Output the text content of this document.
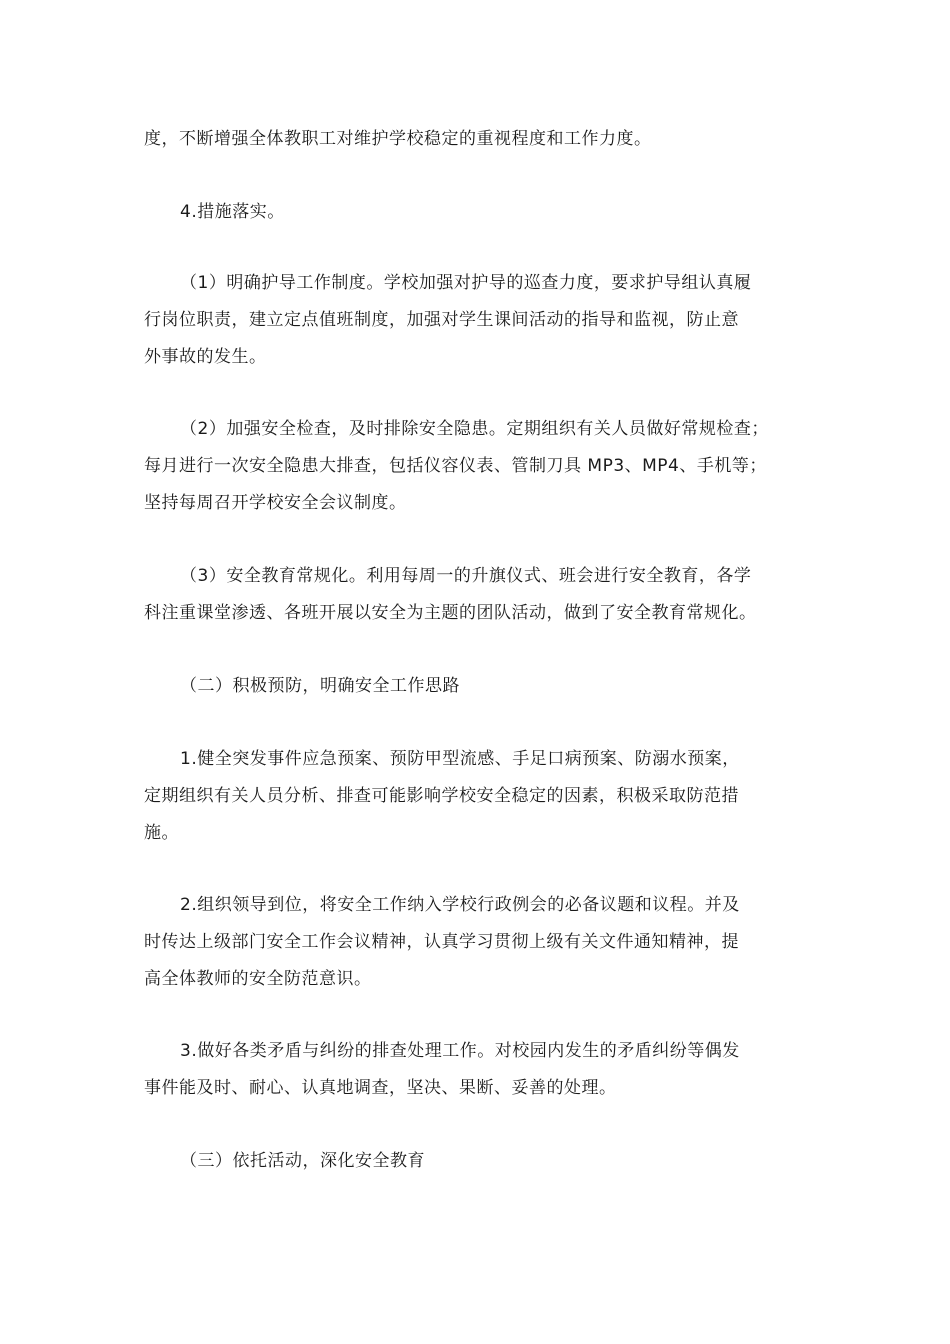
度，不断增强全体教职工对维护学校稳定的重视程度和工作力度。

4.措施落实。

（1）明确护导工作制度。学校加强对护导的巡查力度，要求护导组认真履
行岗位职责，建立定点值班制度，加强对学生课间活动的指导和监视，防止意
外事故的发生。

（2）加强安全检查，及时排除安全隐患。定期组织有关人员做好常规检查；
每月进行一次安全隐患大排查，包括仪容仪表、管制刀具 MP3、MP4、手机等；
坚持每周召开学校安全会议制度。

（3）安全教育常规化。利用每周一的升旗仪式、班会进行安全教育，各学
科注重课堂渗透、各班开展以安全为主题的团队活动，做到了安全教育常规化。

（二）积极预防，明确安全工作思路

1.健全突发事件应急预案、预防甲型流感、手足口病预案、防溺水预案，
定期组织有关人员分析、排查可能影响学校安全稳定的因素，积极采取防范措
施。

2.组织领导到位，将安全工作纳入学校行政例会的必备议题和议程。并及
时传达上级部门安全工作会议精神，认真学习贯彻上级有关文件通知精神，提
高全体教师的安全防范意识。

3.做好各类矛盾与纠纷的排查处理工作。对校园内发生的矛盾纠纷等偶发
事件能及时、耐心、认真地调查，坚决、果断、妥善的处理。

（三）依托活动，深化安全教育
